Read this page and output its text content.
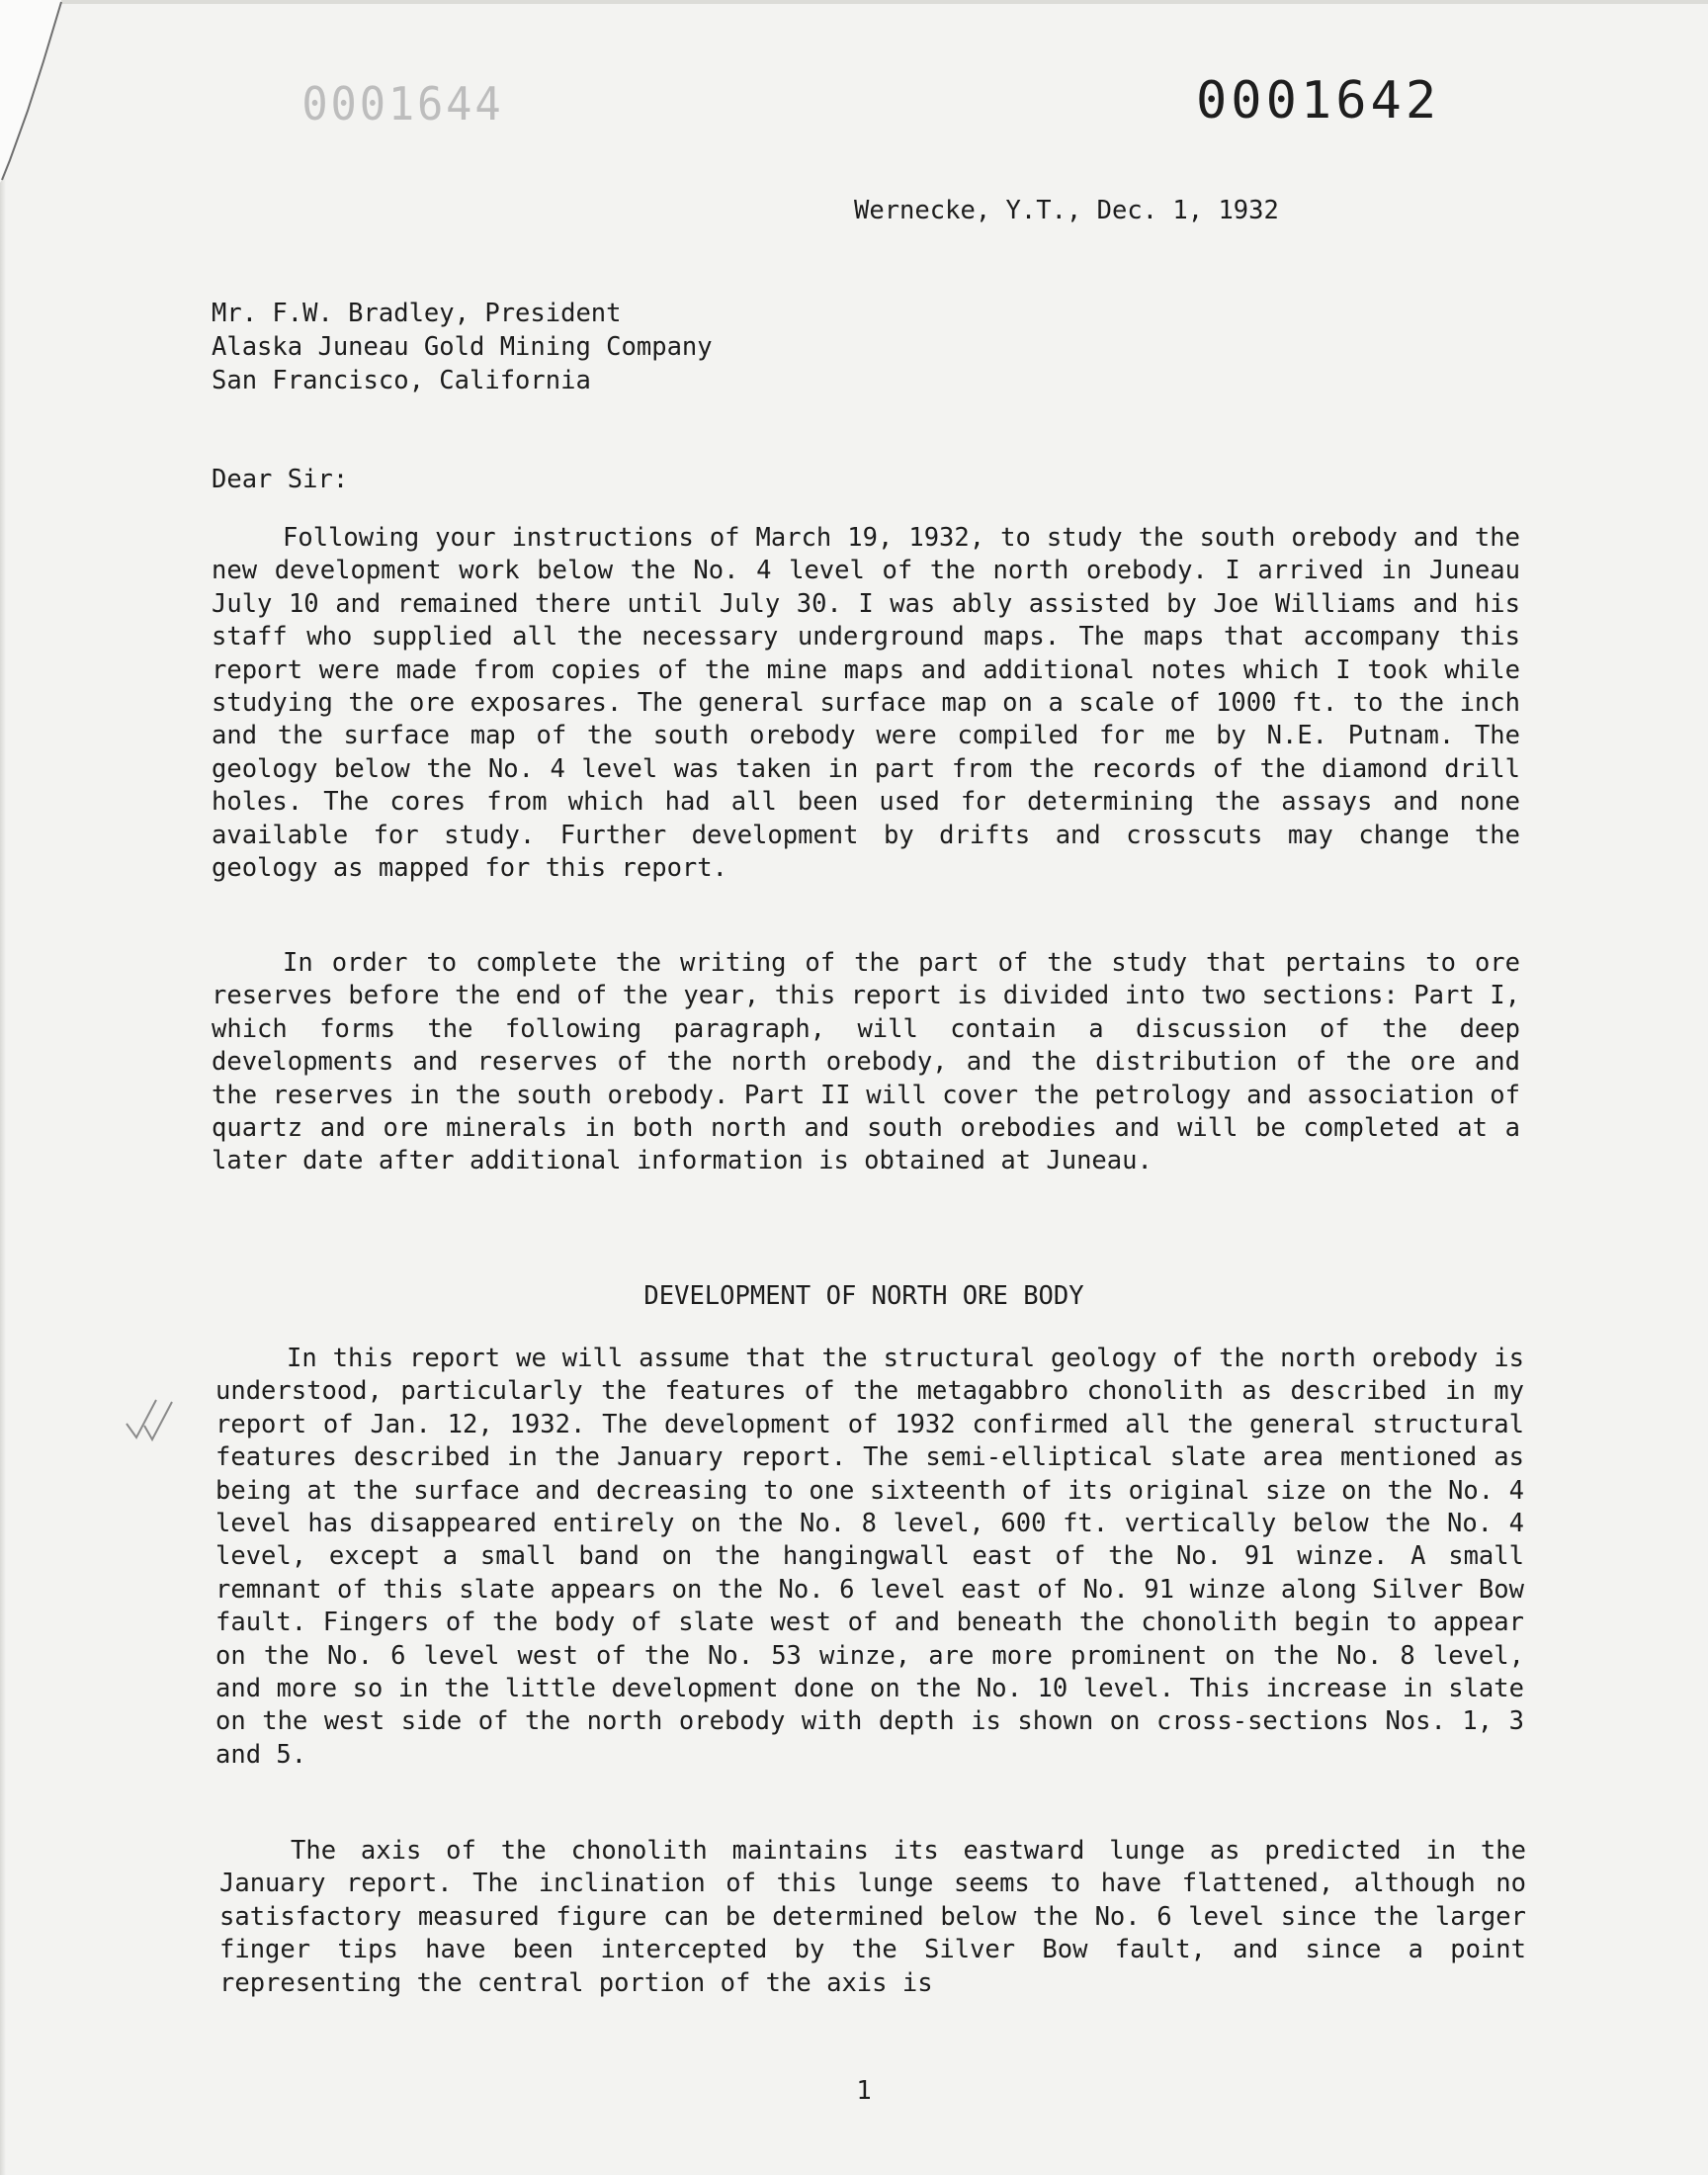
0001644	0001642
Wernecke, Y.T., Dec. 1, 1932
Mr. F.W. Bradley, President
Alaska Juneau Gold Mining Company
San Francisco, California
Dear Sir:

Following your instructions of March 19, 1932, to study the south orebody and the new development work below the No. 4 level of the north orebody. I arrived in Juneau July 10 and remained there until July 30. I was ably assisted by Joe Williams and his staff who supplied all the necessary underground maps. The maps that accompany this report were made from copies of the mine maps and additional notes which I took while studying the ore exposares. The general surface map on a scale of 1000 ft. to the inch and the surface map of the south orebody were compiled for me by N.E. Putnam. The geology below the No. 4 level was taken in part from the records of the diamond drill holes. The cores from which had all been used for determining the assays and none available for study. Further development by drifts and crosscuts may change the geology as mapped for this report.

In order to complete the writing of the part of the study that pertains to ore reserves before the end of the year, this report is divided into two sections: Part I, which forms the following paragraph, will contain a discussion of the deep developments and reserves of the north orebody, and the distribution of the ore and the reserves in the south orebody. Part II will cover the petrology and association of quartz and ore minerals in both north and south orebodies and will be completed at a later date after additional information is obtained at Juneau.

DEVELOPMENT OF NORTH ORE BODY

In this report we will assume that the structural geology of the north orebody is understood, particularly the features of the metagabbro chonolith as described in my report of Jan. 12, 1932. The development of 1932 confirmed all the general structural features described in the January report. The semi-elliptical slate area mentioned as being at the surface and decreasing to one sixteenth of its original size on the No. 4 level has disappeared entirely on the No. 8 level, 600 ft. vertically below the No. 4 level, except a small band on the hangingwall east of the No. 91 winze. A small remnant of this slate appears on the No. 6 level east of No. 91 winze along Silver Bow fault. Fingers of the body of slate west of and beneath the chonolith begin to appear on the No. 6 level west of the No. 53 winze, are more prominent on the No. 8 level, and more so in the little development done on the No. 10 level. This increase in slate on the west side of the north orebody with depth is shown on cross-sections Nos. 1, 3 and 5.

The axis of the chonolith maintains its eastward lunge as predicted in the January report. The inclination of this lunge seems to have flattened, although no satisfactory measured figure can be determined below the No. 6 level since the larger finger tips have been intercepted by the Silver Bow fault, and since a point representing the central portion of the axis is

1
